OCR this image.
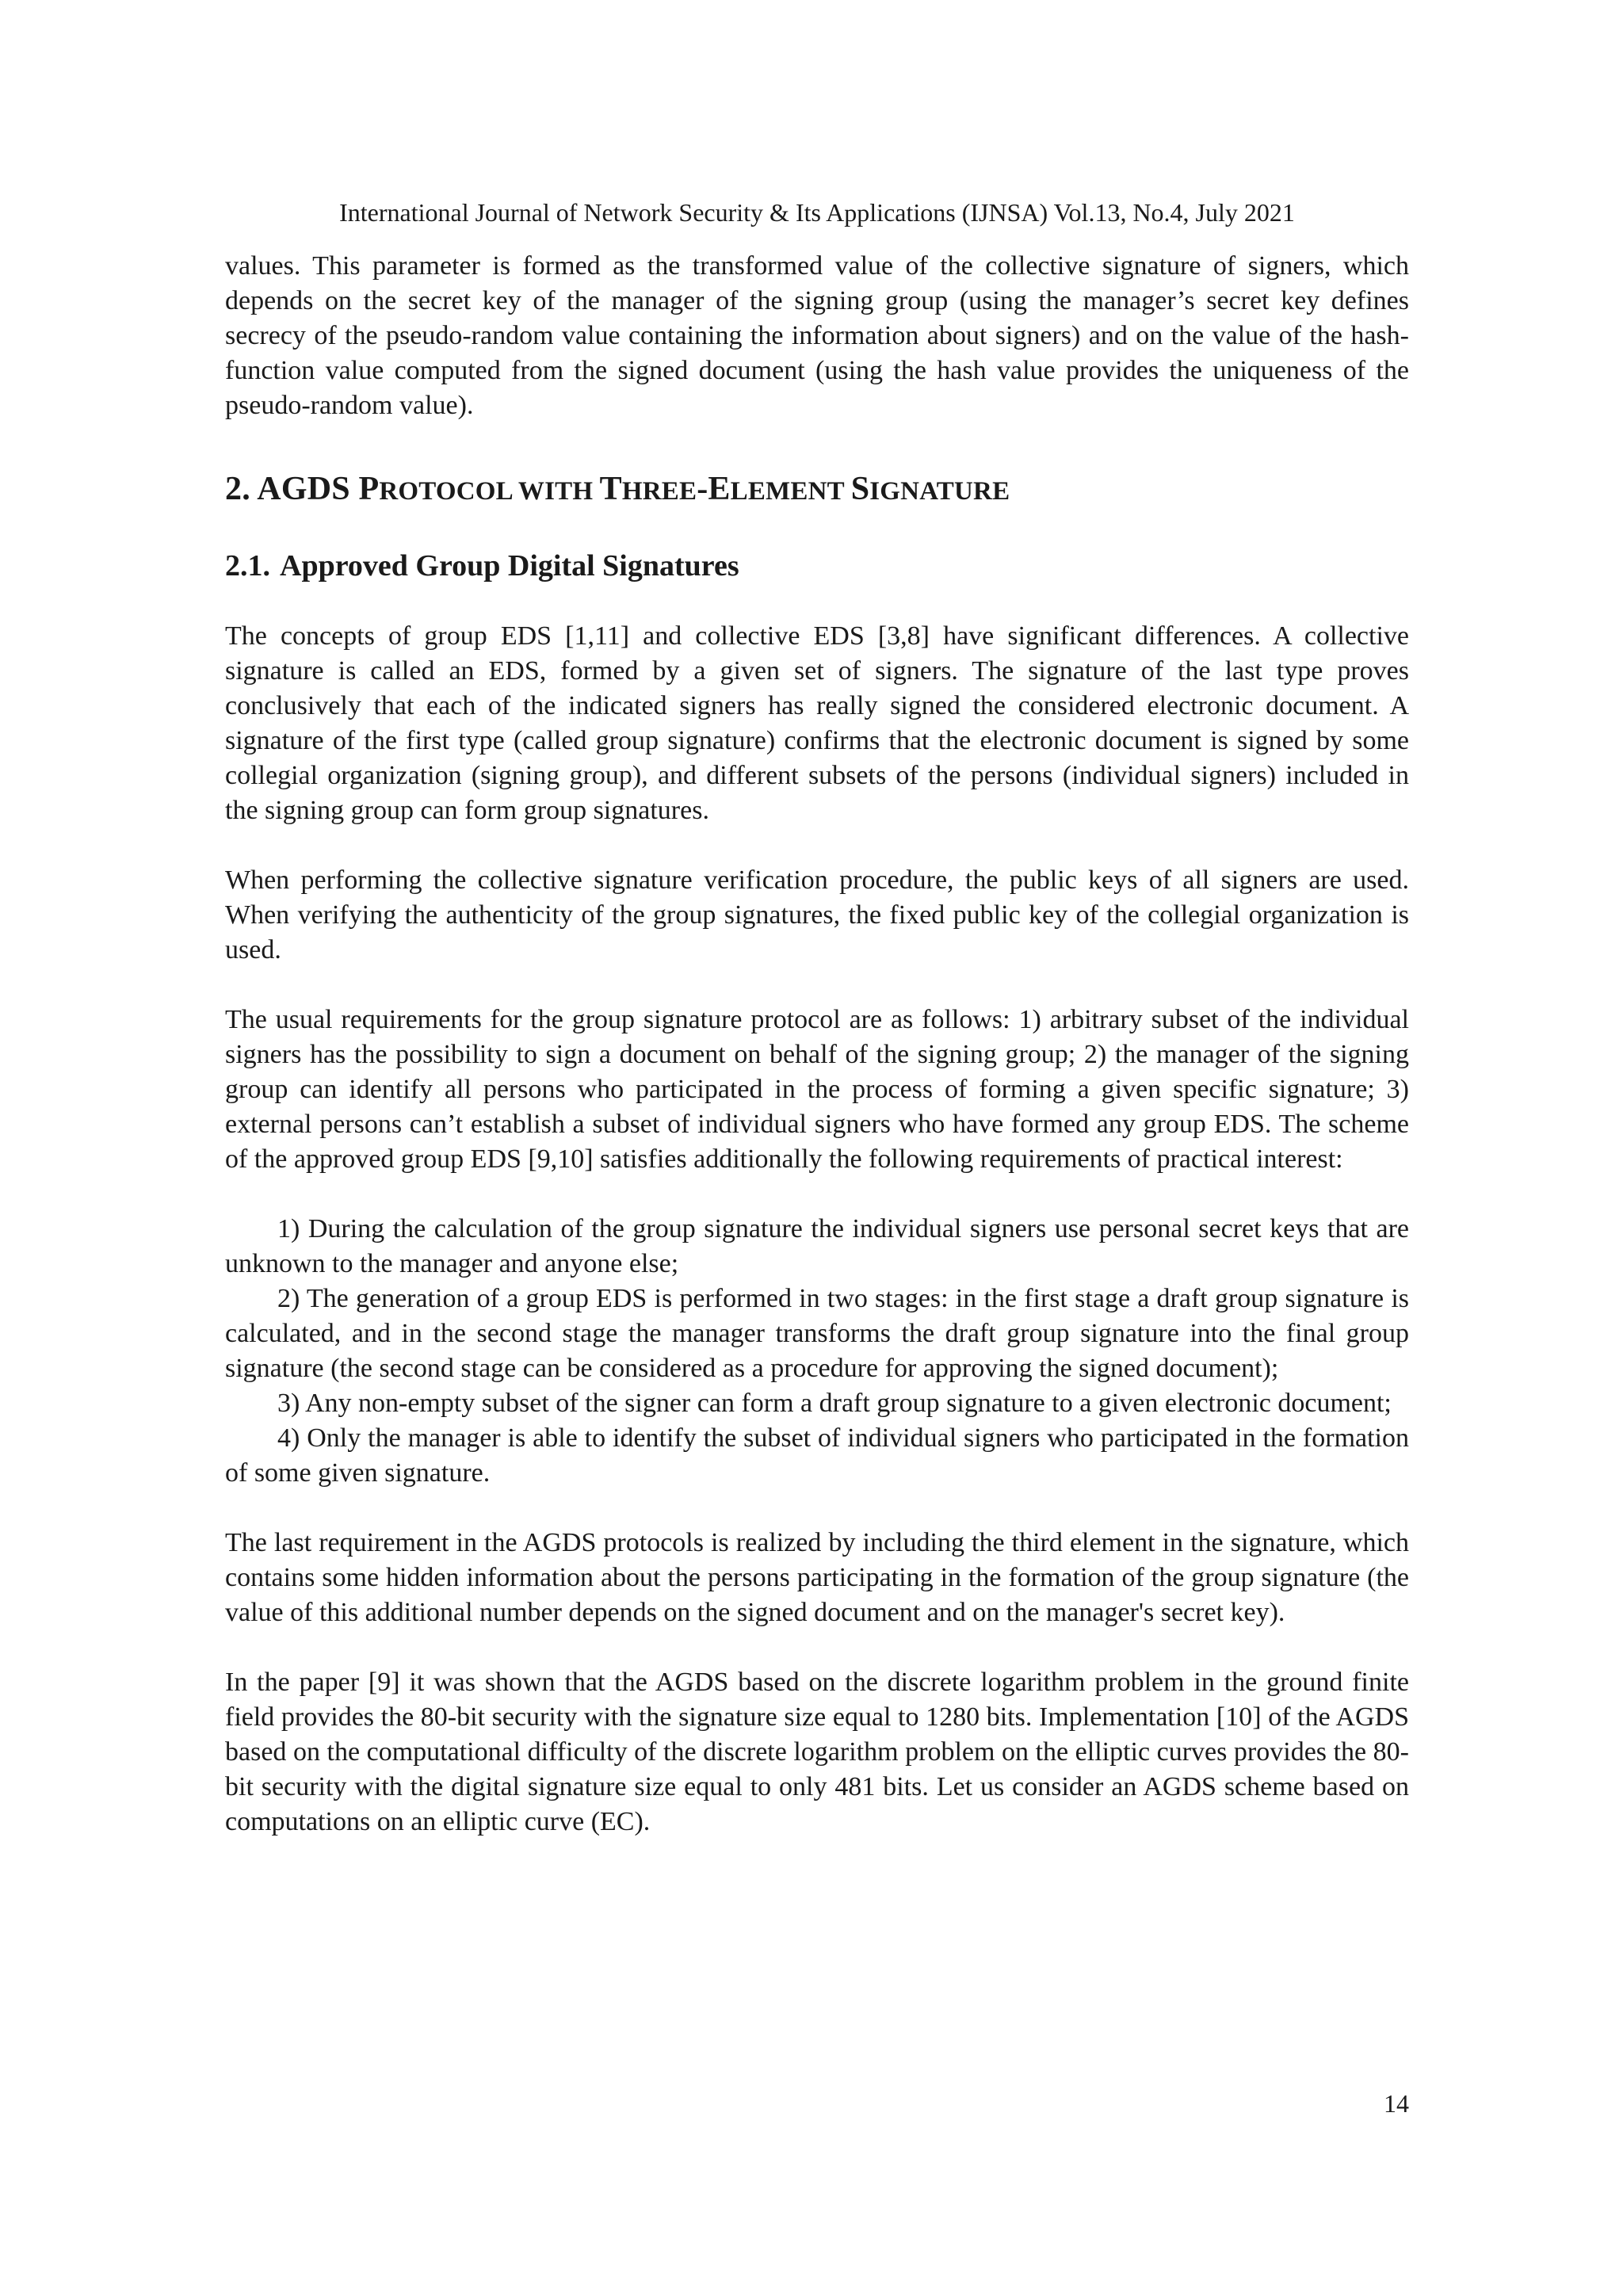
International Journal of Network Security & Its Applications (IJNSA) Vol.13, No.4, July 2021

values. This parameter is formed as the transformed value of the collective signature of signers, which depends on the secret key of the manager of the signing group (using the manager’s secret key defines secrecy of the pseudo-random value containing the information about signers) and on the value of the hash-function value computed from the signed document (using the hash value provides the uniqueness of the pseudo-random value).

2. AGDS PROTOCOL WITH THREE-ELEMENT SIGNATURE
2.1. Approved Group Digital Signatures

The concepts of group EDS [1,11] and collective EDS [3,8] have significant differences. A collective signature is called an EDS, formed by a given set of signers. The signature of the last type proves conclusively that each of the indicated signers has really signed the considered electronic document. A signature of the first type (called group signature) confirms that the electronic document is signed by some collegial organization (signing group), and different subsets of the persons (individual signers) included in the signing group can form group signatures.

When performing the collective signature verification procedure, the public keys of all signers are used. When verifying the authenticity of the group signatures, the fixed public key of the collegial organization is used.

The usual requirements for the group signature protocol are as follows: 1) arbitrary subset of the individual signers has the possibility to sign a document on behalf of the signing group; 2) the manager of the signing group can identify all persons who participated in the process of forming a given specific signature; 3) external persons can’t establish a subset of individual signers who have formed any group EDS. The scheme of the approved group EDS [9,10] satisfies additionally the following requirements of practical interest:

1) During the calculation of the group signature the individual signers use personal secret keys that are unknown to the manager and anyone else;

2) The generation of a group EDS is performed in two stages: in the first stage a draft group signature is calculated, and in the second stage the manager transforms the draft group signature into the final group signature (the second stage can be considered as a procedure for approving the signed document);

3) Any non-empty subset of the signer can form a draft group signature to a given electronic document;

4) Only the manager is able to identify the subset of individual signers who participated in the formation of some given signature.

The last requirement in the AGDS protocols is realized by including the third element in the signature, which contains some hidden information about the persons participating in the formation of the group signature (the value of this additional number depends on the signed document and on the manager's secret key).

In the paper [9] it was shown that the AGDS based on the discrete logarithm problem in the ground finite field provides the 80-bit security with the signature size equal to 1280 bits. Implementation [10] of the AGDS based on the computational difficulty of the discrete logarithm problem on the elliptic curves provides the 80-bit security with the digital signature size equal to only 481 bits. Let us consider an AGDS scheme based on computations on an elliptic curve (EC).

14
